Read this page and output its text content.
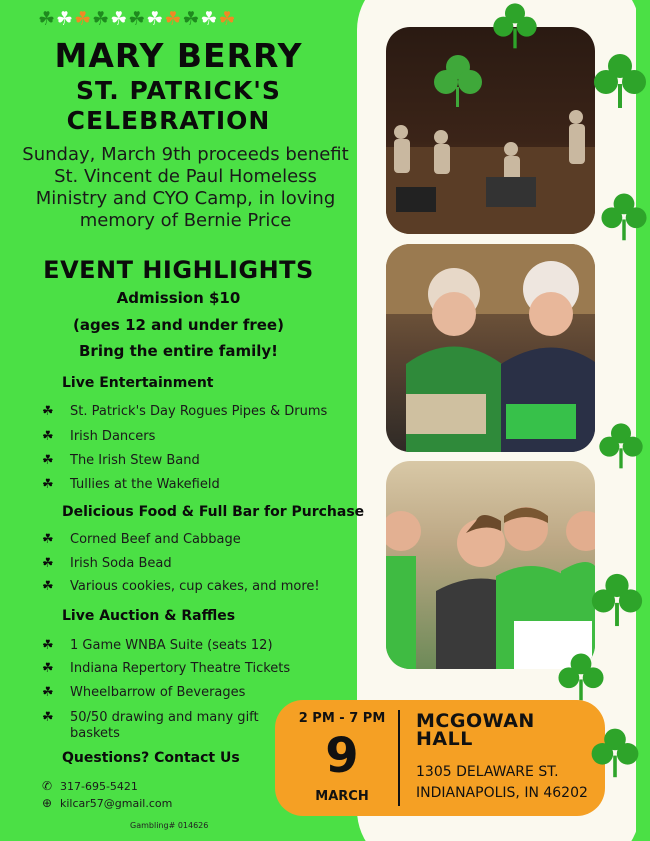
☘☘☘☘☘☘☘☘☘☘☘
MARY BERRY
ST. PATRICK'S
CELEBRATION
Sunday, March 9th proceeds benefit St. Vincent de Paul Homeless Ministry and CYO Camp, in loving memory of Bernie Price
EVENT HIGHLIGHTS
Admission $10
(ages 12 and under free)
Bring the entire family!
Live Entertainment
☘ St. Patrick's Day Rogues Pipes & Drums
☘ Irish Dancers
☘ The Irish Stew Band
☘ Tullies at the Wakefield
Delicious Food & Full Bar for Purchase
☘ Corned Beef and Cabbage
☘ Irish Soda Bead
☘ Various cookies, cup cakes, and more!
Live Auction & Raffles
☘ 1 Game WNBA Suite (seats 12)
☘ Indiana Repertory Theatre Tickets
☘ Wheelbarrow of Beverages
☘ 50/50 drawing and many gift baskets
Questions? Contact Us
✆ 317-695-5421
⊕ kilcar57@gmail.com
Gambling# 014626
2 PM - 7 PM
9
MARCH
MCGOWAN
HALL
1305 DELAWARE ST.
INDIANAPOLIS, IN 46202
